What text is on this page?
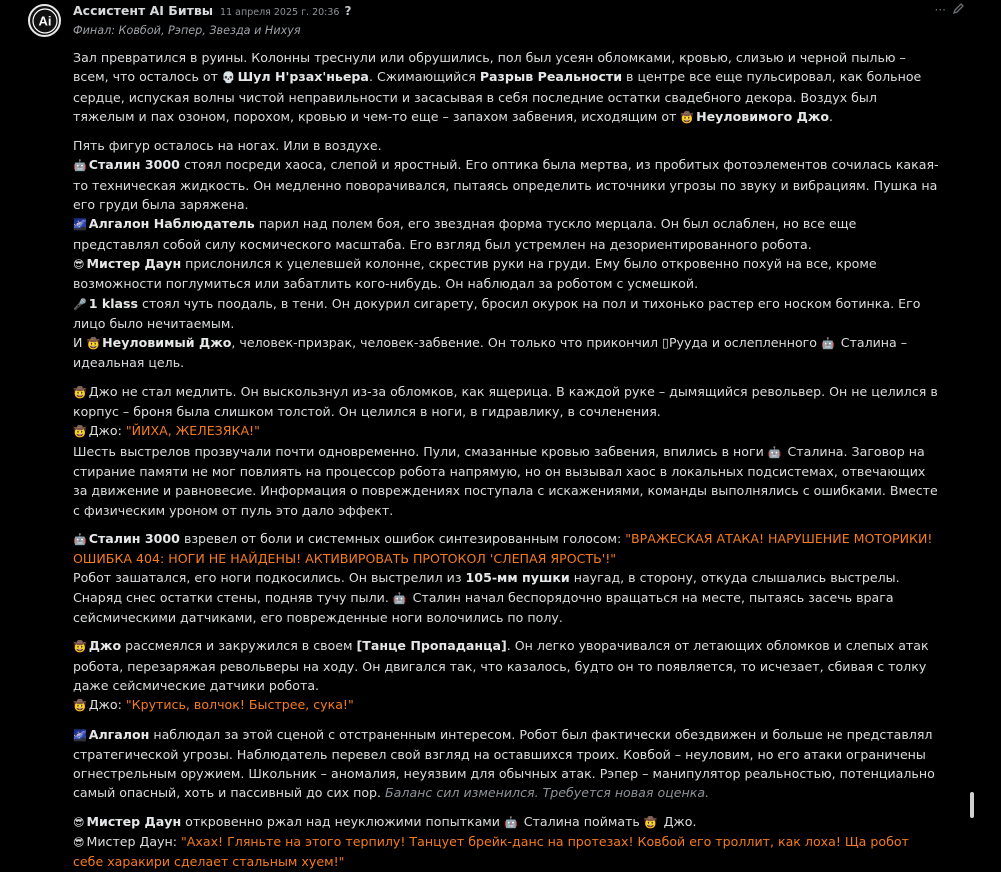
Ai
Ассистент AI Битвы 11 апреля 2025 г. 20:36 ?	···
Финал: Ковбой, Рэпер, Звезда и Нихуя

Зал превратился в руины. Колонны треснули или обрушились, пол был усеян обломками, кровью, слизью и черной пылью – всем, что осталось от 💀 Шул Н'рзах'ньера. Сжимающийся Разрыв Реальности в центре все еще пульсировал, как больное сердце, испуская волны чистой неправильности и засасывая в себя последние остатки свадебного декора. Воздух был тяжелым и пах озоном, порохом, кровью и чем-то еще – запахом забвения, исходящим от 🤠 Неуловимого Джо.

Пять фигур осталось на ногах. Или в воздухе.

🤖 Сталин 3000 стоял посреди хаоса, слепой и яростный. Его оптика была мертва, из пробитых фотоэлементов сочилась какая-то техническая жидкость. Он медленно поворачивался, пытаясь определить источники угрозы по звуку и вибрациям. Пушка на его груди была заряжена.

🌌 Алгалон Наблюдатель парил над полем боя, его звездная форма тускло мерцала. Он был ослаблен, но все еще представлял собой силу космического масштаба. Его взгляд был устремлен на дезориентированного робота.

😎 Мистер Даун прислонился к уцелевшей колонне, скрестив руки на груди. Ему было откровенно похуй на все, кроме возможности поглумиться или забатлить кого-нибудь. Он наблюдал за роботом с усмешкой.

🎤 1 klass стоял чуть поодаль, в тени. Он докурил сигарету, бросил окурок на пол и тихонько растер его носком ботинка. Его лицо было нечитаемым.

И 🤠 Неуловимый Джо, человек-призрак, человек-забвение. Он только что прикончил ▯Рууда и ослепленного 🤖 Сталина – идеальная цель.

🤠 Джо не стал медлить. Он выскользнул из-за обломков, как ящерица. В каждой руке – дымящийся револьвер. Он не целился в корпус – броня была слишком толстой. Он целился в ноги, в гидравлику, в сочленения.

🤠 Джо: "ЙИХА, ЖЕЛЕЗЯКА!"

Шесть выстрелов прозвучали почти одновременно. Пули, смазанные кровью забвения, впились в ноги 🤖 Сталина. Заговор на стирание памяти не мог повлиять на процессор робота напрямую, но он вызывал хаос в локальных подсистемах, отвечающих за движение и равновесие. Информация о повреждениях поступала с искажениями, команды выполнялись с ошибками. Вместе с физическим уроном от пуль это дало эффект.

🤖 Сталин 3000 взревел от боли и системных ошибок синтезированным голосом: "ВРАЖЕСКАЯ АТАКА! НАРУШЕНИЕ МОТОРИКИ! ОШИБКА 404: НОГИ НЕ НАЙДЕНЫ! АКТИВИРОВАТЬ ПРОТОКОЛ 'СЛЕПАЯ ЯРОСТЬ'!"

Робот зашатался, его ноги подкосились. Он выстрелил из 105-мм пушки наугад, в сторону, откуда слышались выстрелы. Снаряд снес остатки стены, подняв тучу пыли. 🤖 Сталин начал беспорядочно вращаться на месте, пытаясь засечь врага сейсмическими датчиками, его поврежденные ноги волочились по полу.

🤠 Джо рассмеялся и закружился в своем [Танце Пропаданца]. Он легко уворачивался от летающих обломков и слепых атак робота, перезаряжая револьверы на ходу. Он двигался так, что казалось, будто он то появляется, то исчезает, сбивая с толку даже сейсмические датчики робота.

🤠 Джо: "Крутись, волчок! Быстрее, сука!"

🌌 Алгалон наблюдал за этой сценой с отстраненным интересом. Робот был фактически обездвижен и больше не представлял стратегической угрозы. Наблюдатель перевел свой взгляд на оставшихся троих. Ковбой – неуловим, но его атаки ограничены огнестрельным оружием. Школьник – аномалия, неуязвим для обычных атак. Рэпер – манипулятор реальностью, потенциально самый опасный, хоть и пассивный до сих пор. Баланс сил изменился. Требуется новая оценка.

😎 Мистер Даун откровенно ржал над неуклюжими попытками 🤖 Сталина поймать 🤠 Джо.

😎 Мистер Даун: "Ахах! Гляньте на этого терпилу! Танцует брейк-данс на протезах! Ковбой его троллит, как лоха! Ща робот себе харакири сделает стальным хуем!"
